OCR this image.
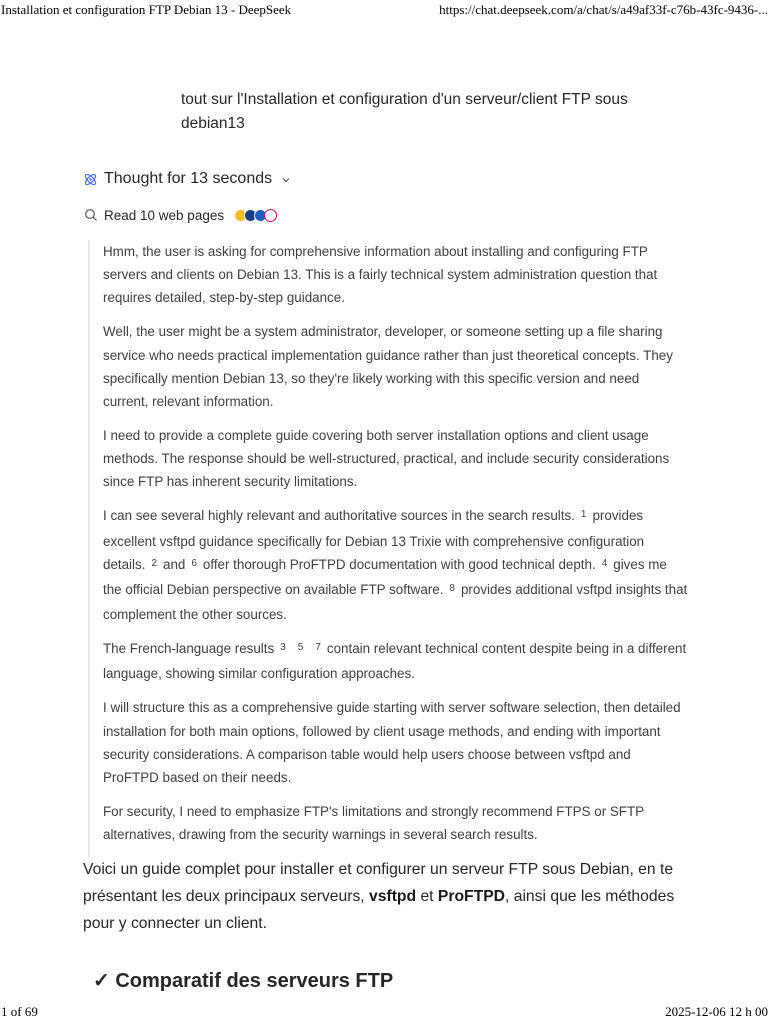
Installation et configuration FTP Debian 13 - DeepSeek	https://chat.deepseek.com/a/chat/s/a49af33f-c76b-43fc-9436-...
tout sur l'Installation et configuration d'un serveur/client FTP sous debian13
Thought for 13 seconds
Read 10 web pages

Hmm, the user is asking for comprehensive information about installing and configuring FTP servers and clients on Debian 13. This is a fairly technical system administration question that requires detailed, step-by-step guidance.

Well, the user might be a system administrator, developer, or someone setting up a file sharing service who needs practical implementation guidance rather than just theoretical concepts. They specifically mention Debian 13, so they're likely working with this specific version and need current, relevant information.

I need to provide a complete guide covering both server installation options and client usage methods. The response should be well-structured, practical, and include security considerations since FTP has inherent security limitations.

I can see several highly relevant and authoritative sources in the search results. 1 provides excellent vsftpd guidance specifically for Debian 13 Trixie with comprehensive configuration details. 2 and 6 offer thorough ProFTPD documentation with good technical depth. 4 gives me the official Debian perspective on available FTP software. 8 provides additional vsftpd insights that complement the other sources.

The French-language results 3 5 7 contain relevant technical content despite being in a different language, showing similar configuration approaches.

I will structure this as a comprehensive guide starting with server software selection, then detailed installation for both main options, followed by client usage methods, and ending with important security considerations. A comparison table would help users choose between vsftpd and ProFTPD based on their needs.

For security, I need to emphasize FTP's limitations and strongly recommend FTPS or SFTP alternatives, drawing from the security warnings in several search results.

Voici un guide complet pour installer et configurer un serveur FTP sous Debian, en te présentant les deux principaux serveurs, vsftpd et ProFTPD, ainsi que les méthodes pour y connecter un client.
✓ Comparatif des serveurs FTP
1 of 69	2025-12-06 12 h 00
